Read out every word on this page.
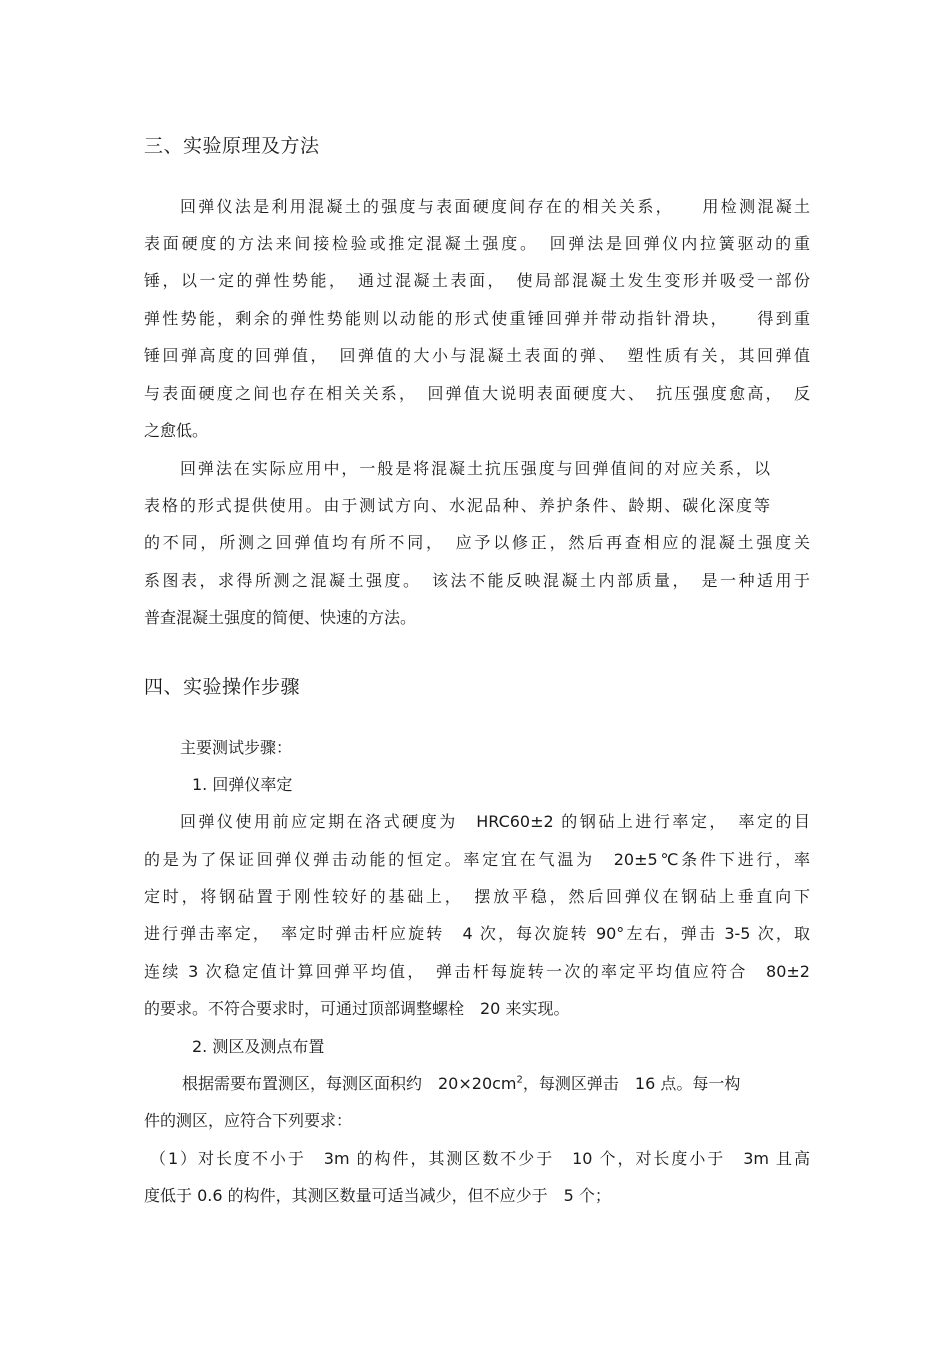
三、实验原理及方法
回弹仪法是利用混凝土的强度与表面硬度间存在的相关关系，　　用检测混凝土
表面硬度的方法来间接检验或推定混凝土强度。　回弹法是回弹仪内拉簧驱动的重
锤，以一定的弹性势能，　通过混凝土表面，　使局部混凝土发生变形并吸受一部份
弹性势能，剩余的弹性势能则以动能的形式使重锤回弹并带动指针滑块，　　得到重
锤回弹高度的回弹值，　回弹值的大小与混凝土表面的弹、　塑性质有关，其回弹值
与表面硬度之间也存在相关关系，　回弹值大说明表面硬度大、　抗压强度愈高，　反
之愈低。
回弹法在实际应用中，一般是将混凝土抗压强度与回弹值间的对应关系，以
表格的形式提供使用。由于测试方向、水泥品种、养护条件、龄期、碳化深度等
的不同，所测之回弹值均有所不同，　应予以修正，然后再查相应的混凝土强度关
系图表，求得所测之混凝土强度。　该法不能反映混凝土内部质量，　是一种适用于
普查混凝土强度的简便、快速的方法。
四、实验操作步骤
主要测试步骤：
1. 回弹仪率定
回弹仪使用前应定期在洛式硬度为　HRC60±2 的钢砧上进行率定，　率定的目
的是为了保证回弹仪弹击动能的恒定。率定宜在气温为　20±5℃条件下进行，率
定时，将钢砧置于刚性较好的基础上，　摆放平稳，然后回弹仪在钢砧上垂直向下
进行弹击率定，　率定时弹击杆应旋转　4 次，每次旋转 90°左右，弹击 3-5 次，取
连续 3 次稳定值计算回弹平均值，　弹击杆每旋转一次的率定平均值应符合　80±2
的要求。不符合要求时，可通过顶部调整螺栓　20 来实现。
2. 测区及测点布置
根据需要布置测区，每测区面积约　$20\times 20cm^2$，每测区弹击　16 点。每一构
件的测区，应符合下列要求：
（1）对长度不小于　3m 的构件，其测区数不少于　10 个，对长度小于　3m 且高
度低于 0.6 的构件，其测区数量可适当减少，但不应少于　5 个；
